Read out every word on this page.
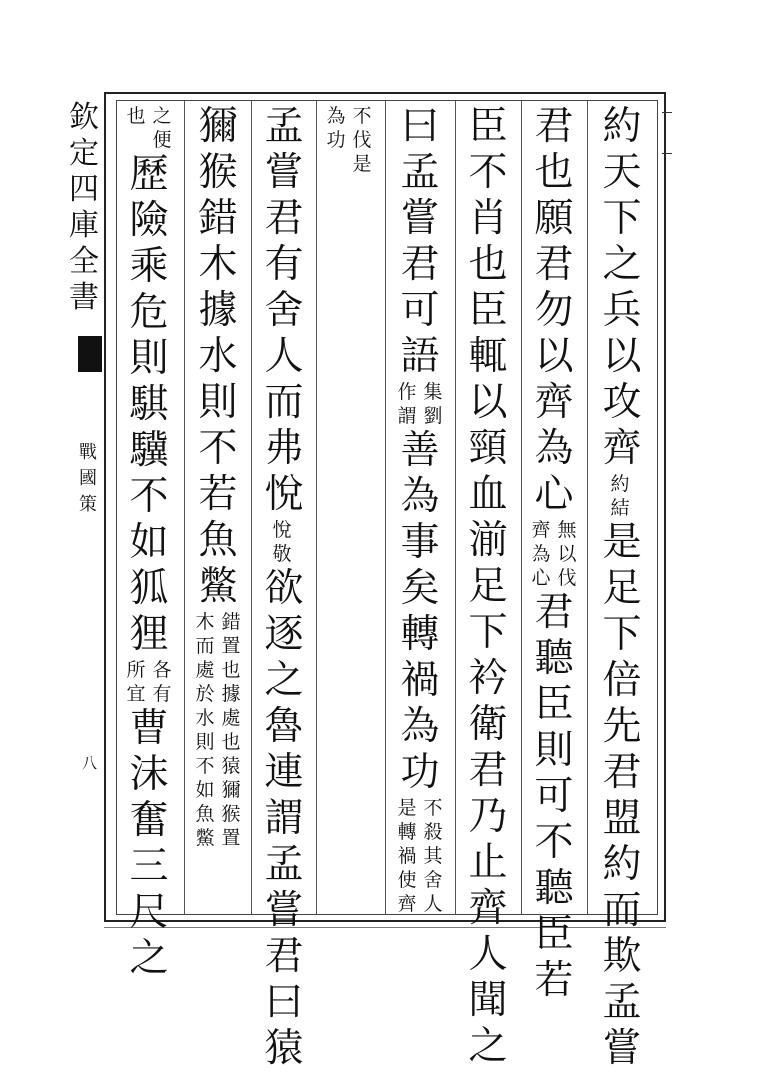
欽
定
四
庫
全
書
戰
國
策
八
約
天
下
之
兵
以
攻
齊
約
結
是
足
下
倍
先
君
盟
約
而
欺
孟
嘗
君
也
願
君
勿
以
齊
為
心
無
以
伐
齊
為
心
君
聽
臣
則
可
不
聽
臣
若
臣
不
肖
也
臣
輒
以
頸
血
湔
足
下
衿
衛
君
乃
止
齊
人
聞
之
曰
孟
嘗
君
可
語
集
劉
作
謂
善
為
事
矣
轉
禍
為
功
不
殺
其
舍
人
是
轉
禍
使
齊
不
伐
是
為
功
孟
嘗
君
有
舍
人
而
弗
悅
悅
敬
欲
逐
之
魯
連
謂
孟
嘗
君
曰
猿
獮
猴
錯
木
據
水
則
不
若
魚
鱉
錯
置
也
據
處
也
猿
獮
猴
置
木
而
處
於
水
則
不
如
魚
鱉
之
便
也
歷
險
乘
危
則
騏
驥
不
如
狐
狸
各
有
所
宜
曹
沫
奮
三
尺
之
